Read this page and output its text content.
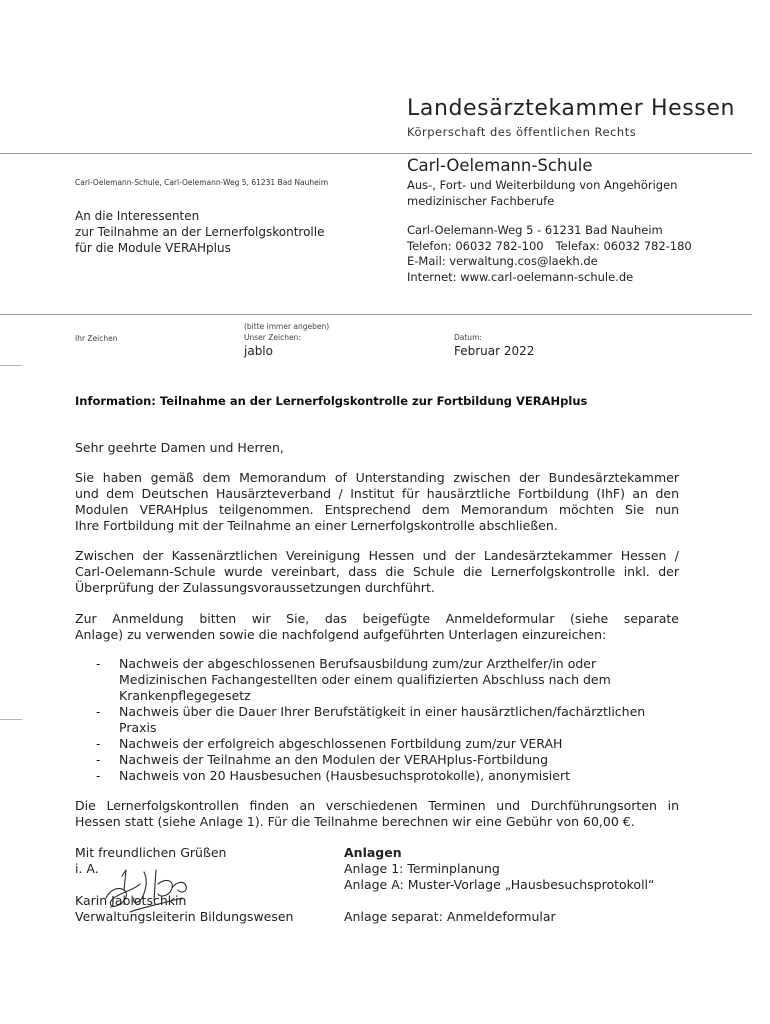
Landesärztekammer Hessen
Körperschaft des öffentlichen Rechts
Carl-Oelemann-Schule
Aus-, Fort- und Weiterbildung von Angehörigen
medizinischer Fachberufe
Carl-Oelemann-Weg 5 - 61231 Bad Nauheim
Telefon: 06032 782-100 Telefax: 06032 782-180
E-Mail: verwaltung.cos@laekh.de
Internet: www.carl-oelemann-schule.de
Carl-Oelemann-Schule, Carl-Oelemann-Weg 5, 61231 Bad Nauheim
An die Interessenten
zur Teilnahme an der Lernerfolgskontrolle
für die Module VERAHplus
Ihr Zeichen
(bitte immer angeben)
Unser Zeichen:
jablo
Datum:
Februar 2022
Information: Teilnahme an der Lernerfolgskontrolle zur Fortbildung VERAHplus
Sehr geehrte Damen und Herren,
Sie haben gemäß dem Memorandum of Unterstanding zwischen der Bundesärztekammer
und dem Deutschen Hausärzteverband / Institut für hausärztliche Fortbildung (IhF) an den
Modulen VERAHplus teilgenommen. Entsprechend dem Memorandum möchten Sie nun
Ihre Fortbildung mit der Teilnahme an einer Lernerfolgskontrolle abschließen.
Zwischen der Kassenärztlichen Vereinigung Hessen und der Landesärztekammer Hessen /
Carl-Oelemann-Schule wurde vereinbart, dass die Schule die Lernerfolgskontrolle inkl. der
Überprüfung der Zulassungsvoraussetzungen durchführt.
Zur Anmeldung bitten wir Sie, das beigefügte Anmeldeformular (siehe separate
Anlage) zu verwenden sowie die nachfolgend aufgeführten Unterlagen einzureichen:
- Nachweis der abgeschlossenen Berufsausbildung zum/zur Arzthelfer/in oder
Medizinischen Fachangestellten oder einem qualifizierten Abschluss nach dem
Krankenpflegegesetz
- Nachweis über die Dauer Ihrer Berufstätigkeit in einer hausärztlichen/fachärztlichen
Praxis
- Nachweis der erfolgreich abgeschlossenen Fortbildung zum/zur VERAH
- Nachweis der Teilnahme an den Modulen der VERAHplus-Fortbildung
- Nachweis von 20 Hausbesuchen (Hausbesuchsprotokolle), anonymisiert
Die Lernerfolgskontrollen finden an verschiedenen Terminen und Durchführungsorten in
Hessen statt (siehe Anlage 1). Für die Teilnahme berechnen wir eine Gebühr von 60,00 €.
Mit freundlichen Grüßen
i. A.
Karin Jablotschkin
Verwaltungsleiterin Bildungswesen
Anlagen
Anlage 1: Terminplanung
Anlage A: Muster-Vorlage „Hausbesuchsprotokoll“
Anlage separat: Anmeldeformular
